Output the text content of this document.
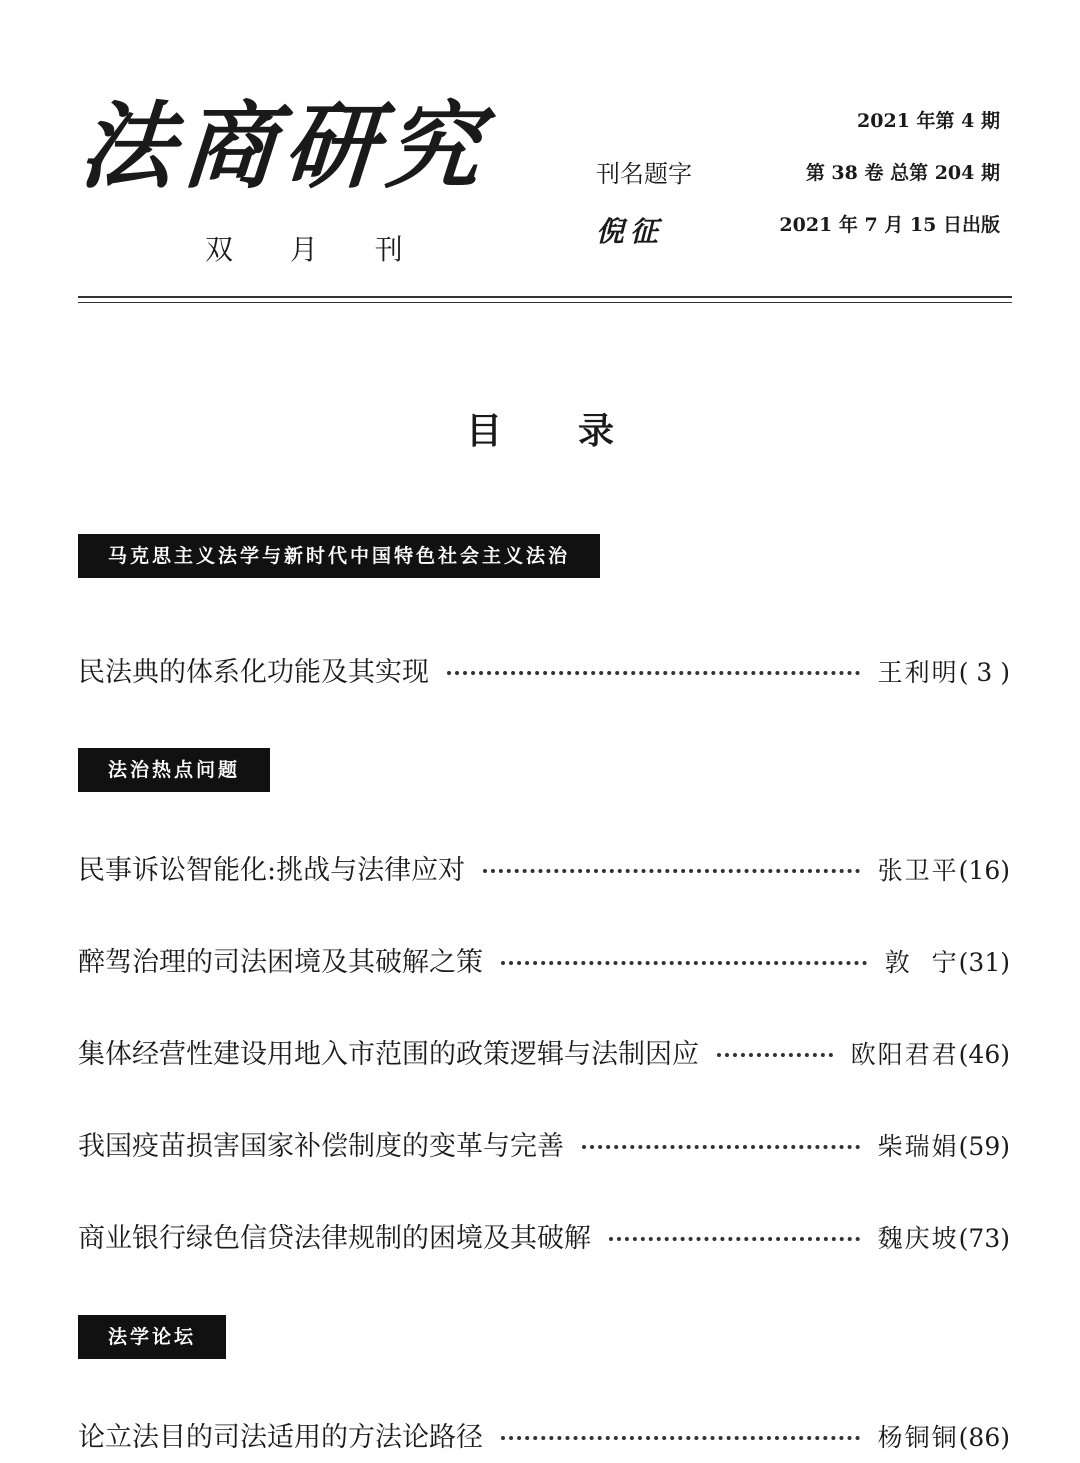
法商研究
双 月 刊
刊名题字
倪征
2021 年第 4 期
第 38 卷 总第 204 期
2021 年 7 月 15 日出版
目录
马克思主义法学与新时代中国特色社会主义法治
民法典的体系化功能及其实现	王利明 ( 3 )
法治热点问题
民事诉讼智能化:挑战与法律应对	张卫平 (16)
醉驾治理的司法困境及其破解之策	敦  宁 (31)
集体经营性建设用地入市范围的政策逻辑与法制因应	欧阳君君 (46)
我国疫苗损害国家补偿制度的变革与完善	柴瑞娟 (59)
商业银行绿色信贷法律规制的困境及其破解	魏庆坡 (73)
法学论坛
论立法目的司法适用的方法论路径	杨铜铜 (86)
